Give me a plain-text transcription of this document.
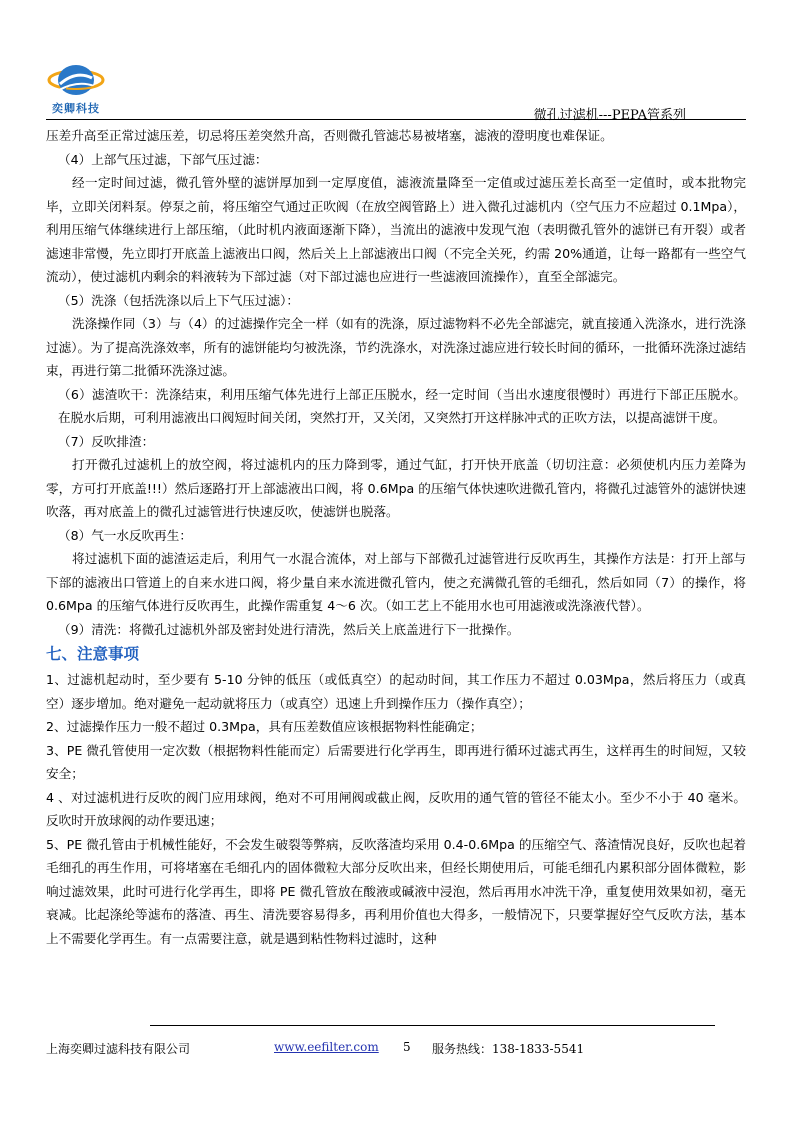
奕卿科技	微孔过滤机---PEPA管系列

压差升高至正常过滤压差，切忌将压差突然升高，否则微孔管滤芯易被堵塞，滤液的澄明度也难保证。

（4）上部气压过滤，下部气压过滤：

经一定时间过滤，微孔管外壁的滤饼厚加到一定厚度值，滤液流量降至一定值或过滤压差长高至一定值时，或本批物完毕，立即关闭料泵。停泵之前，将压缩空气通过正吹阀（在放空阀管路上）进入微孔过滤机内（空气压力不应超过 0.1Mpa），利用压缩气体继续进行上部压缩，（此时机内液面逐渐下降），当流出的滤液中发现气泡（表明微孔管外的滤饼已有开裂）或者滤速非常慢，先立即打开底盖上滤液出口阀，然后关上上部滤液出口阀（不完全关死，约需 20%通道，让每一路都有一些空气流动），使过滤机内剩余的料液转为下部过滤（对下部过滤也应进行一些滤液回流操作），直至全部滤完。

（5）洗涤（包括洗涤以后上下气压过滤）：

洗涤操作同（3）与（4）的过滤操作完全一样（如有的洗涤，原过滤物料不必先全部滤完，就直接通入洗涤水，进行洗涤过滤）。为了提高洗涤效率，所有的滤饼能均匀被洗涤，节约洗涤水，对洗涤过滤应进行较长时间的循环，一批循环洗涤过滤结束，再进行第二批循环洗涤过滤。

（6）滤渣吹干：洗涤结束，利用压缩气体先进行上部正压脱水，经一定时间（当出水速度很慢时）再进行下部正压脱水。在脱水后期，可利用滤液出口阀短时间关闭，突然打开，又关闭，又突然打开这样脉冲式的正吹方法，以提高滤饼干度。

（7）反吹排渣：

打开微孔过滤机上的放空阀，将过滤机内的压力降到零，通过气缸，打开快开底盖（切切注意：必须使机内压力差降为零，方可打开底盖!!!）然后逐路打开上部滤液出口阀，将 0.6Mpa 的压缩气体快速吹进微孔管内，将微孔过滤管外的滤饼快速吹落，再对底盖上的微孔过滤管进行快速反吹，使滤饼也脱落。

（8）气一水反吹再生：

将过滤机下面的滤渣运走后，利用气一水混合流体，对上部与下部微孔过滤管进行反吹再生，其操作方法是：打开上部与下部的滤液出口管道上的自来水进口阀，将少量自来水流进微孔管内，使之充满微孔管的毛细孔，然后如同（7）的操作，将 0.6Mpa 的压缩气体进行反吹再生，此操作需重复 4～6 次。（如工艺上不能用水也可用滤液或洗涤液代替）。

（9）清洗：将微孔过滤机外部及密封处进行清洗，然后关上底盖进行下一批操作。

七、注意事项

1、过滤机起动时，至少要有 5-10 分钟的低压（或低真空）的起动时间，其工作压力不超过 0.03Mpa，然后将压力（或真空）逐步增加。绝对避免一起动就将压力（或真空）迅速上升到操作压力（操作真空）；

2、过滤操作压力一般不超过 0.3Mpa，具有压差数值应该根据物料性能确定；

3、PE 微孔管使用一定次数（根据物料性能而定）后需要进行化学再生，即再进行循环过滤式再生，这样再生的时间短，又较安全；

4 、对过滤机进行反吹的阀门应用球阀，绝对不可用闸阀或截止阀，反吹用的通气管的管径不能太小。至少不小于 40 毫米。反吹时开放球阀的动作要迅速；

5、PE 微孔管由于机械性能好，不会发生破裂等弊病，反吹落渣均采用 0.4-0.6Mpa 的压缩空气、落渣情况良好，反吹也起着毛细孔的再生作用，可将堵塞在毛细孔内的固体微粒大部分反吹出来，但经长期使用后，可能毛细孔内累积部分固体微粒，影响过滤效果，此时可进行化学再生，即将 PE 微孔管放在酸液或碱液中浸泡，然后再用水冲洗干净，重复使用效果如初，毫无衰减。比起涤纶等滤布的落渣、再生、清洗要容易得多，再利用价值也大得多，一般情况下，只要掌握好空气反吹方法，基本上不需要化学再生。有一点需要注意，就是遇到粘性物料过滤时，这种

上海奕卿过滤科技有限公司	www.eefilter.com 5 服务热线：138-1833-5541
